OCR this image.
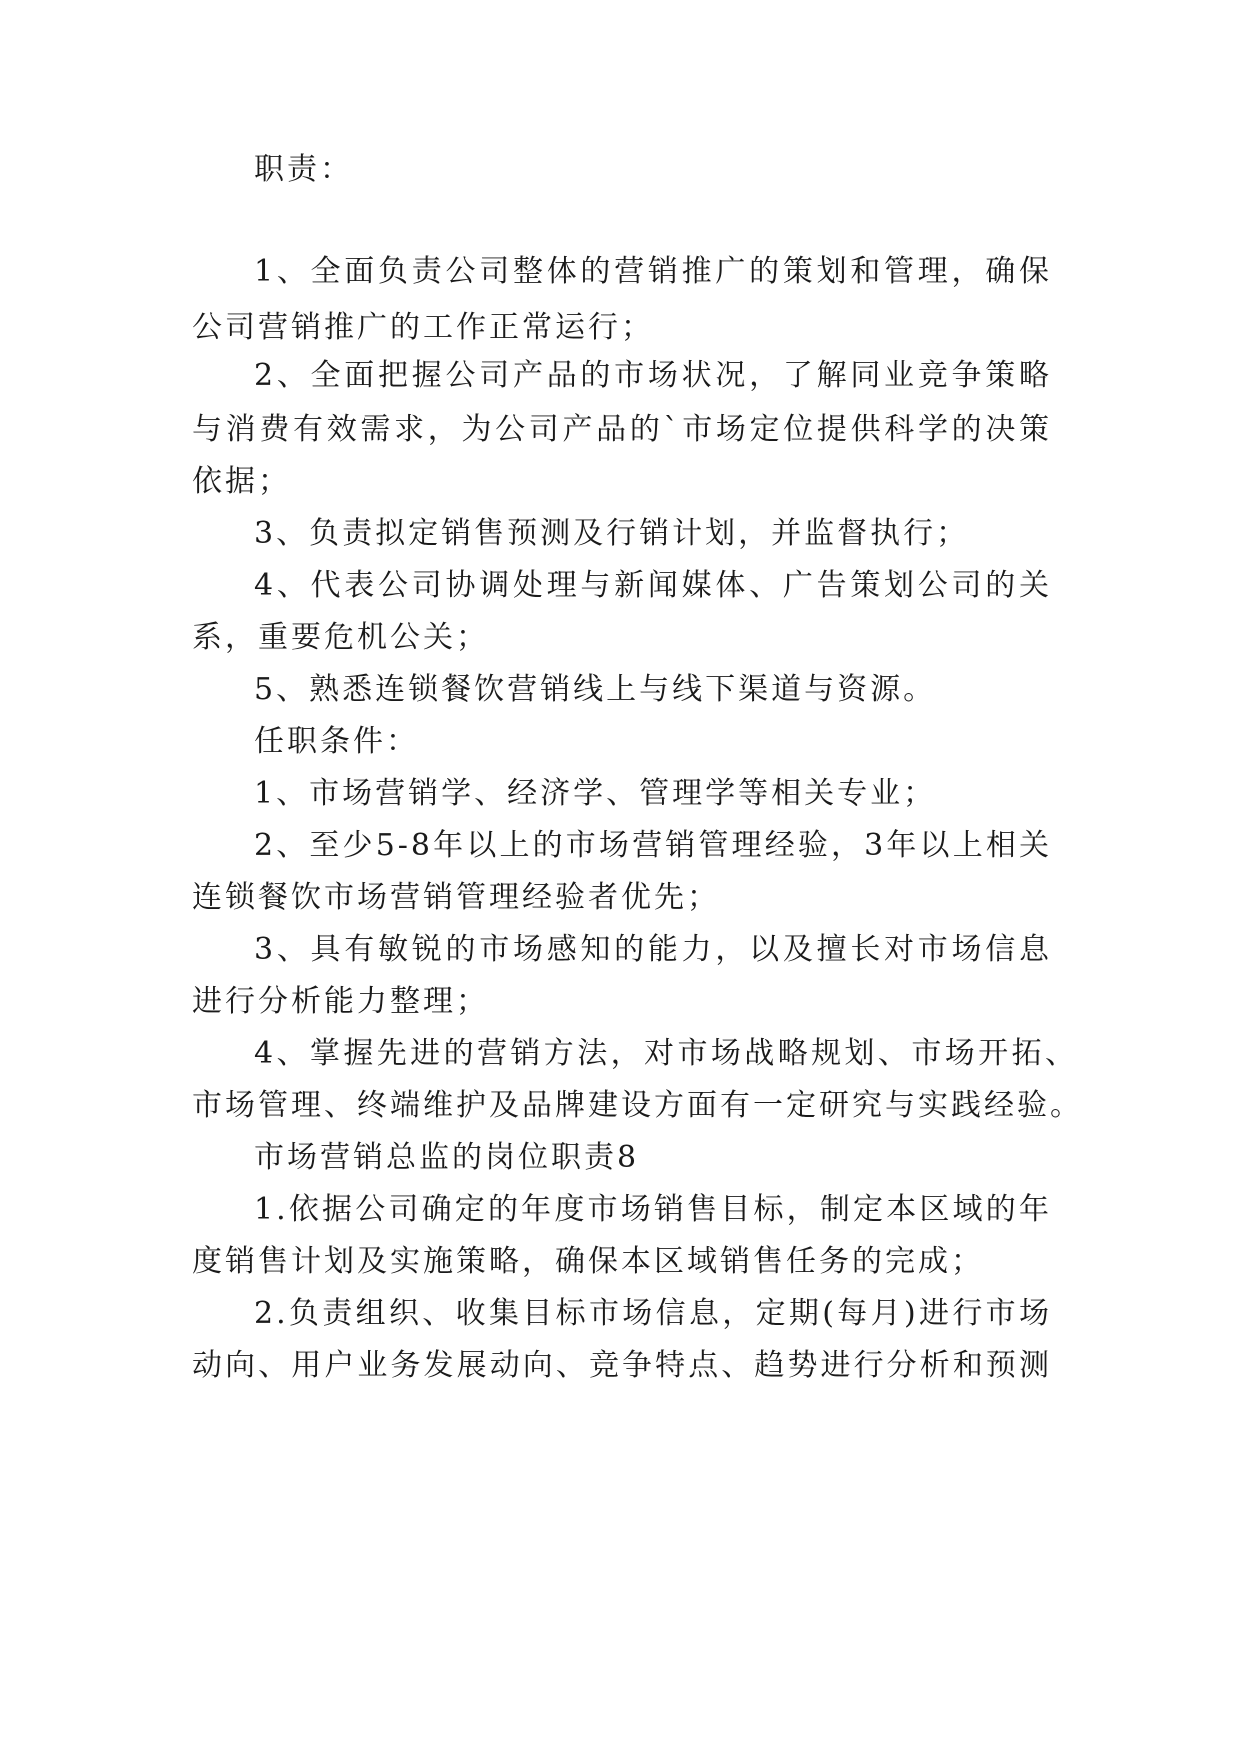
职责：
1、全面负责公司整体的营销推广的策划和管理，确保
公司营销推广的工作正常运行；
2、全面把握公司产品的市场状况，了解同业竞争策略
与消费有效需求，为公司产品的`市场定位提供科学的决策
依据；
3、负责拟定销售预测及行销计划，并监督执行；
4、代表公司协调处理与新闻媒体、广告策划公司的关
系，重要危机公关；
5、熟悉连锁餐饮营销线上与线下渠道与资源。
任职条件：
1、市场营销学、经济学、管理学等相关专业；
2、至少5-8年以上的市场营销管理经验，3年以上相关
连锁餐饮市场营销管理经验者优先；
3、具有敏锐的市场感知的能力，以及擅长对市场信息
进行分析能力整理；
4、掌握先进的营销方法，对市场战略规划、市场开拓、
市场管理、终端维护及品牌建设方面有一定研究与实践经验。
市场营销总监的岗位职责8
1.依据公司确定的年度市场销售目标，制定本区域的年
度销售计划及实施策略，确保本区域销售任务的完成；
2.负责组织、收集目标市场信息，定期(每月)进行市场
动向、用户业务发展动向、竞争特点、趋势进行分析和预测
